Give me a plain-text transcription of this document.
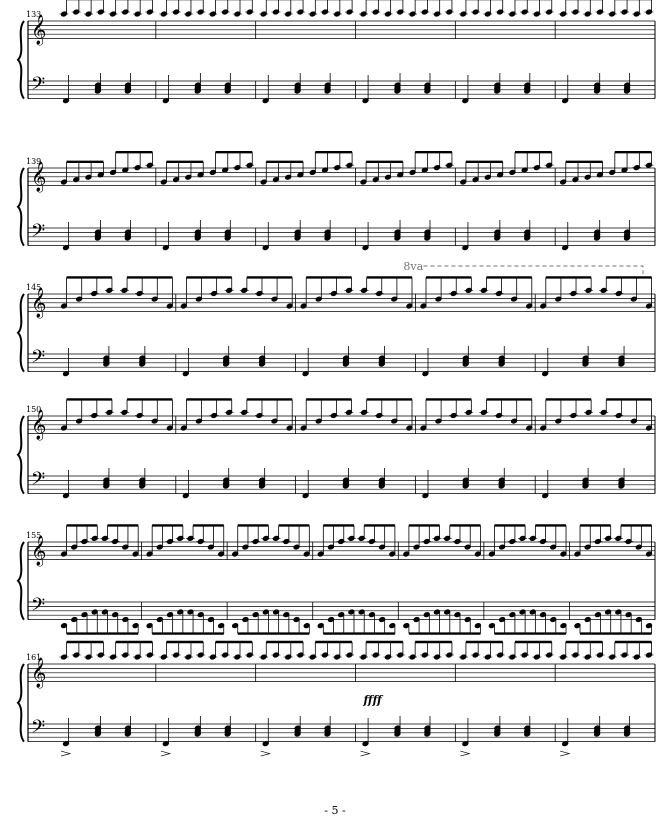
𝄞
𝄢
133
𝄞
𝄢
139
𝄞
𝄢
145
8va
𝄞
𝄢
150
𝄞
𝄢
155
𝄞
𝄢
161
ffff
- 5 -
